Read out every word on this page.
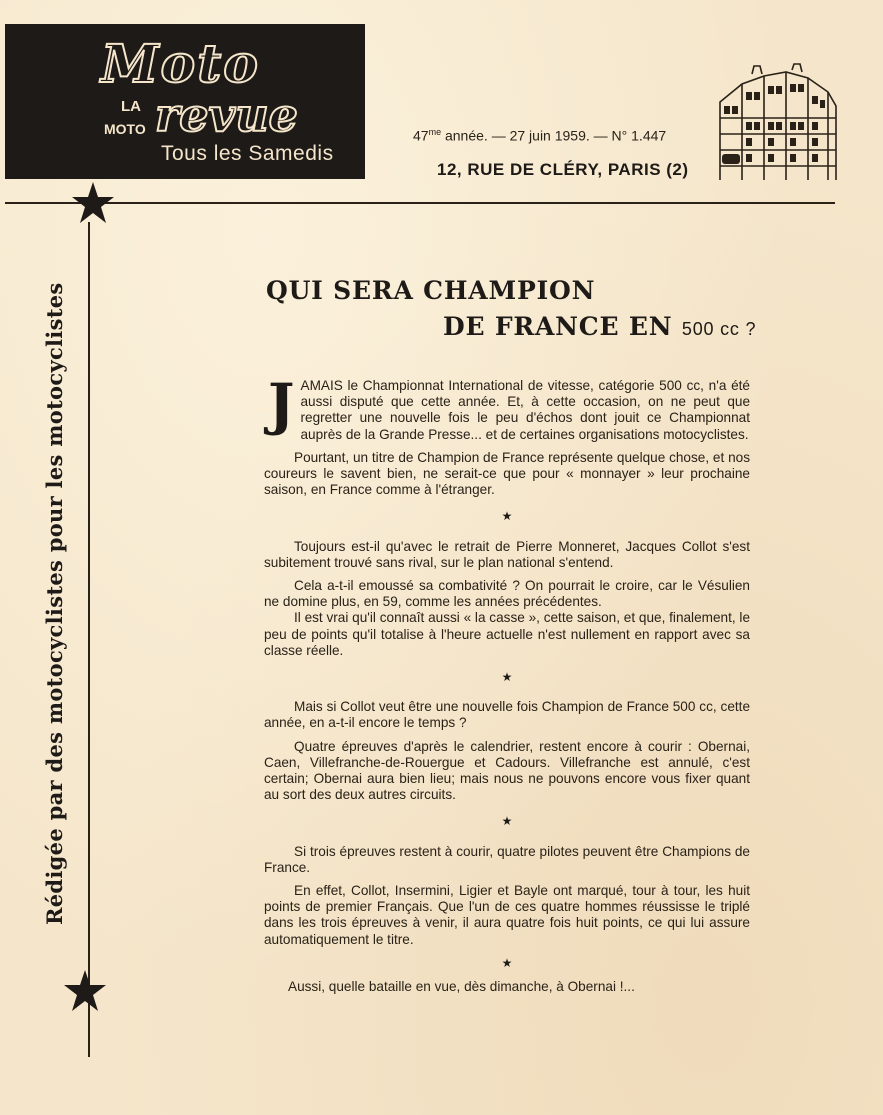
Moto
LA
MOTO revue
Tous les Samedis
$47^{me}$ année. — 27 juin 1959. — N° 1.447
12, RUE DE CLÉRY, PARIS (2)
Rédigée par des motocyclistes pour les motocyclistes	QUI SERA CHAMPION
DE FRANCE EN 500 cc ?

JAMAIS le Championnat International de vitesse, catégorie 500 cc, n'a été aussi disputé que cette année. Et, à cette occasion, on ne peut que regretter une nouvelle fois le peu d'échos dont jouit ce Championnat auprès de la Grande Presse... et de certaines organisations motocyclistes.

Pourtant, un titre de Champion de France représente quelque chose, et nos coureurs le savent bien, ne serait-ce que pour « monnayer » leur prochaine saison, en France comme à l'étranger.

★

Toujours est-il qu'avec le retrait de Pierre Monneret, Jacques Collot s'est subitement trouvé sans rival, sur le plan national s'entend.

Cela a-t-il emoussé sa combativité ? On pourrait le croire, car le Vésulien ne domine plus, en 59, comme les années précédentes.

Il est vrai qu'il connaît aussi « la casse », cette saison, et que, finalement, le peu de points qu'il totalise à l'heure actuelle n'est nullement en rapport avec sa classe réelle.

★

Mais si Collot veut être une nouvelle fois Champion de France 500 cc, cette année, en a-t-il encore le temps ?

Quatre épreuves d'après le calendrier, restent encore à courir : Obernai, Caen, Villefranche-de-Rouergue et Cadours. Villefranche est annulé, c'est certain; Obernai aura bien lieu; mais nous ne pouvons encore vous fixer quant au sort des deux autres circuits.

★

Si trois épreuves restent à courir, quatre pilotes peuvent être Champions de France.

En effet, Collot, Insermini, Ligier et Bayle ont marqué, tour à tour, les huit points de premier Français. Que l'un de ces quatre hommes réussisse le triplé dans les trois épreuves à venir, il aura quatre fois huit points, ce qui lui assure automatiquement le titre.

★

Aussi, quelle bataille en vue, dès dimanche, à Obernai !...
